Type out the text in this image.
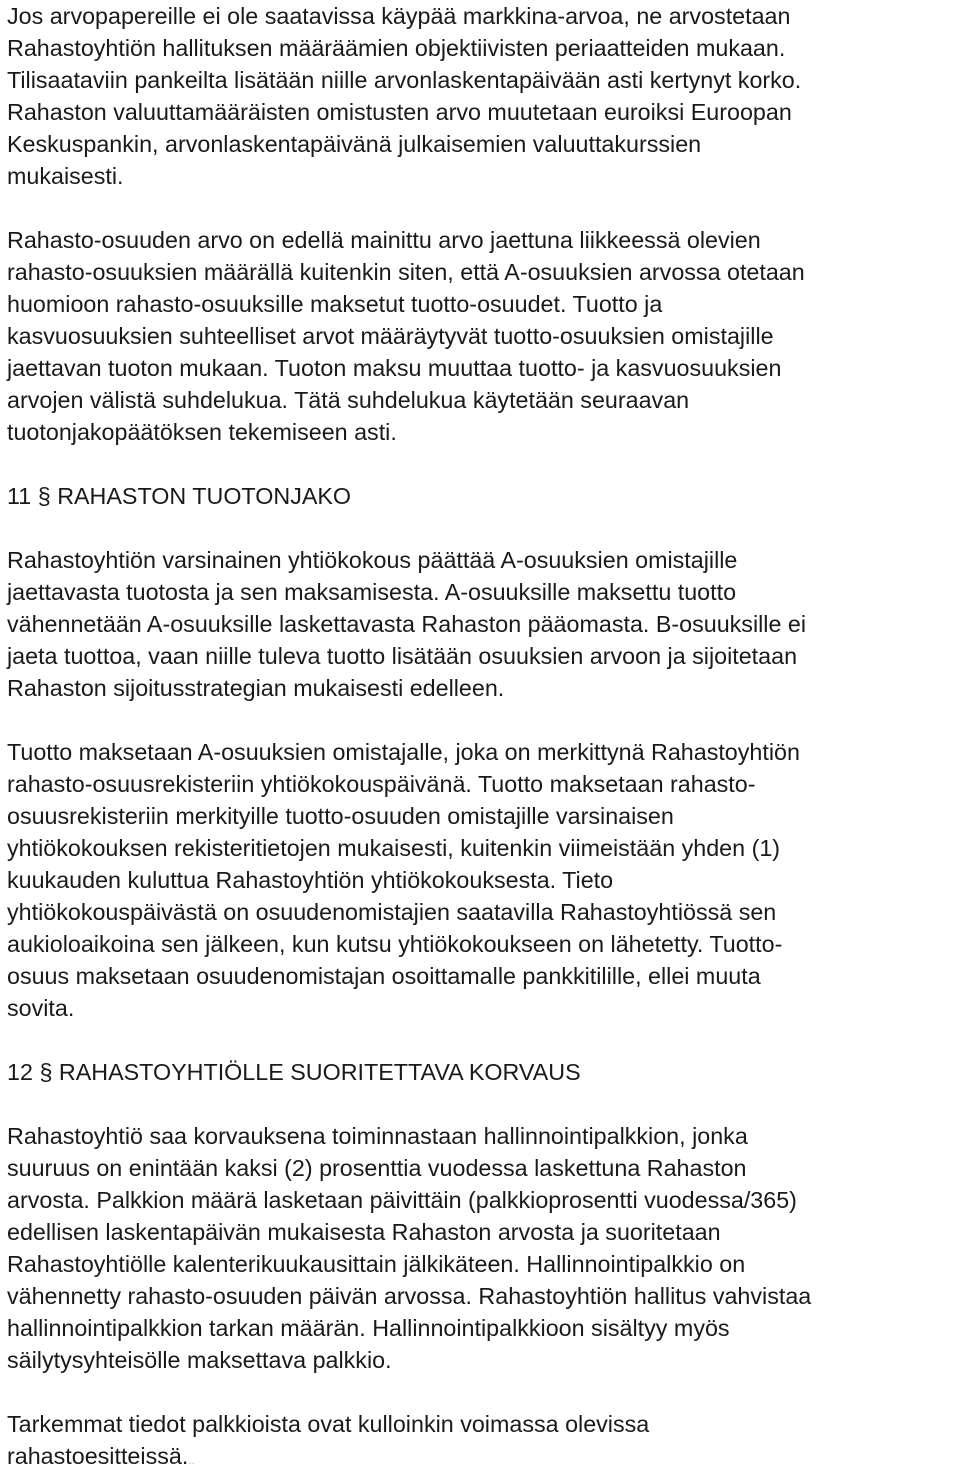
Jos arvopapereille ei ole saatavissa käypää markkina-arvoa, ne arvostetaan
Rahastoyhtiön hallituksen määräämien objektiivisten periaatteiden mukaan.
Tilisaataviin pankeilta lisätään niille arvonlaskentapäivään asti kertynyt korko.
Rahaston valuuttamääräisten omistusten arvo muutetaan euroiksi Euroopan
Keskuspankin, arvonlaskentapäivänä julkaisemien valuuttakurssien
mukaisesti.

Rahasto-osuuden arvo on edellä mainittu arvo jaettuna liikkeessä olevien
rahasto-osuuksien määrällä kuitenkin siten, että A-osuuksien arvossa otetaan
huomioon rahasto-osuuksille maksetut tuotto-osuudet. Tuotto ja
kasvuosuuksien suhteelliset arvot määräytyvät tuotto-osuuksien omistajille
jaettavan tuoton mukaan. Tuoton maksu muuttaa tuotto- ja kasvuosuuksien
arvojen välistä suhdelukua. Tätä suhdelukua käytetään seuraavan
tuotonjakopäätöksen tekemiseen asti.

11 § RAHASTON TUOTONJAKO

Rahastoyhtiön varsinainen yhtiökokous päättää A-osuuksien omistajille
jaettavasta tuotosta ja sen maksamisesta. A-osuuksille maksettu tuotto
vähennetään A-osuuksille laskettavasta Rahaston pääomasta. B-osuuksille ei
jaeta tuottoa, vaan niille tuleva tuotto lisätään osuuksien arvoon ja sijoitetaan
Rahaston sijoitusstrategian mukaisesti edelleen.

Tuotto maksetaan A-osuuksien omistajalle, joka on merkittynä Rahastoyhtiön
rahasto-osuusrekisteriin yhtiökokouspäivänä. Tuotto maksetaan rahasto-
osuusrekisteriin merkityille tuotto-osuuden omistajille varsinaisen
yhtiökokouksen rekisteritietojen mukaisesti, kuitenkin viimeistään yhden (1)
kuukauden kuluttua Rahastoyhtiön yhtiökokouksesta. Tieto
yhtiökokouspäivästä on osuudenomistajien saatavilla Rahastoyhtiössä sen
aukioloaikoina sen jälkeen, kun kutsu yhtiökokoukseen on lähetetty. Tuotto-
osuus maksetaan osuudenomistajan osoittamalle pankkitilille, ellei muuta
sovita.

12 § RAHASTOYHTIÖLLE SUORITETTAVA KORVAUS

Rahastoyhtiö saa korvauksena toiminnastaan hallinnointipalkkion, jonka
suuruus on enintään kaksi (2) prosenttia vuodessa laskettuna Rahaston
arvosta. Palkkion määrä lasketaan päivittäin (palkkioprosentti vuodessa/365)
edellisen laskentapäivän mukaisesta Rahaston arvosta ja suoritetaan
Rahastoyhtiölle kalenterikuukausittain jälkikäteen. Hallinnointipalkkio on
vähennetty rahasto-osuuden päivän arvossa. Rahastoyhtiön hallitus vahvistaa
hallinnointipalkkion tarkan määrän. Hallinnointipalkkioon sisältyy myös
säilytysyhteisölle maksettava palkkio.

Tarkemmat tiedot palkkioista ovat kulloinkin voimassa olevissa
rahastoesitteissä...
